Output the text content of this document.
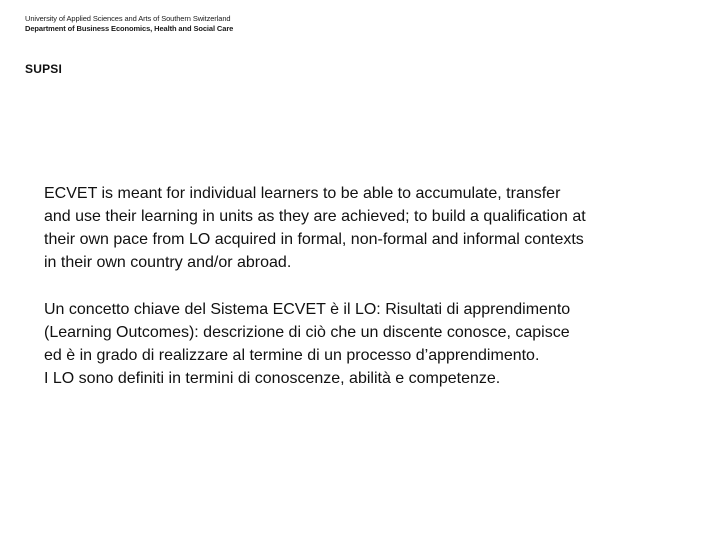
University of Applied Sciences and Arts of Southern Switzerland
Department of Business Economics, Health and Social Care
SUPSI

ECVET is meant for individual learners to be able to accumulate, transfer
and use their learning in units as they are achieved; to build a qualification at
their own pace from LO acquired in formal, non-formal and informal contexts
in their own country and/or abroad.

Un concetto chiave del Sistema ECVET è il LO: Risultati di apprendimento
(Learning Outcomes): descrizione di ciò che un discente conosce, capisce
ed è in grado di realizzare al termine di un processo d’apprendimento.
I LO sono definiti in termini di conoscenze, abilità e competenze.
